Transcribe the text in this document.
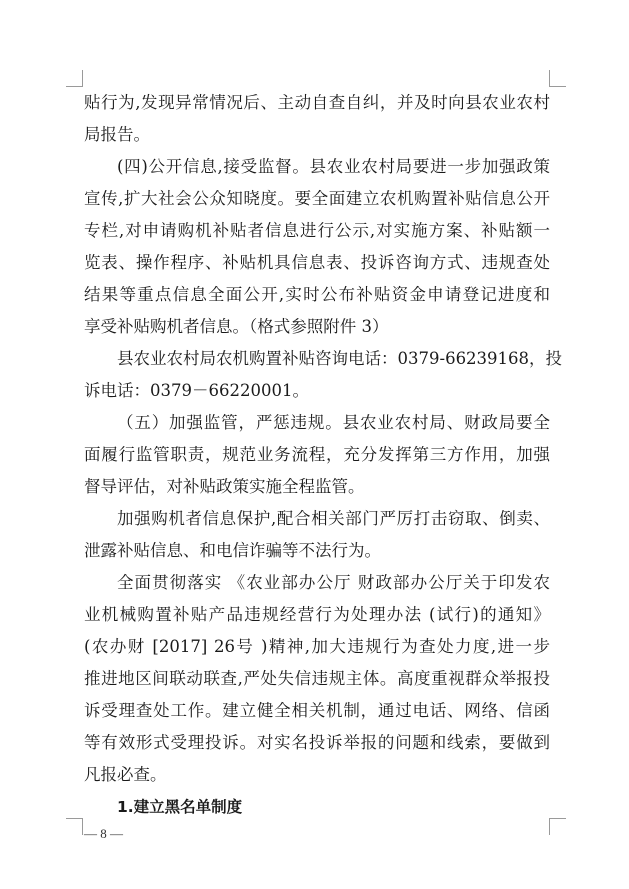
贴行为,发现异常情况后、主动自查自纠，并及时向县农业农村
局报告。
(四)公开信息,接受监督。县农业农村局要进一步加强政策
宣传,扩大社会公众知晓度。要全面建立农机购置补贴信息公开
专栏,对申请购机补贴者信息进行公示,对实施方案、补贴额一
览表、操作程序、补贴机具信息表、投诉咨询方式、违规查处
结果等重点信息全面公开,实时公布补贴资金申请登记进度和
享受补贴购机者信息。（格式参照附件 3）
县农业农村局农机购置补贴咨询电话：0379-66239168，投
诉电话：0379－66220001。
（五）加强监管，严惩违规。县农业农村局、财政局要全
面履行监管职责，规范业务流程，充分发挥第三方作用，加强
督导评估，对补贴政策实施全程监管。
加强购机者信息保护,配合相关部门严厉打击窃取、倒卖、
泄露补贴信息、和电信诈骗等不法行为。
全面贯彻落实 《农业部办公厅 财政部办公厅关于印发农
业机械购置补贴产品违规经营行为处理办法 (试行)的通知》
(农办财 [2017] 26号 )精神,加大违规行为查处力度,进一步
推进地区间联动联查,严处失信违规主体。高度重视群众举报投
诉受理查处工作。建立健全相关机制，通过电话、网络、信函
等有效形式受理投诉。对实名投诉举报的问题和线索，要做到
凡报必查。
1.建立黑名单制度
— 8 —
